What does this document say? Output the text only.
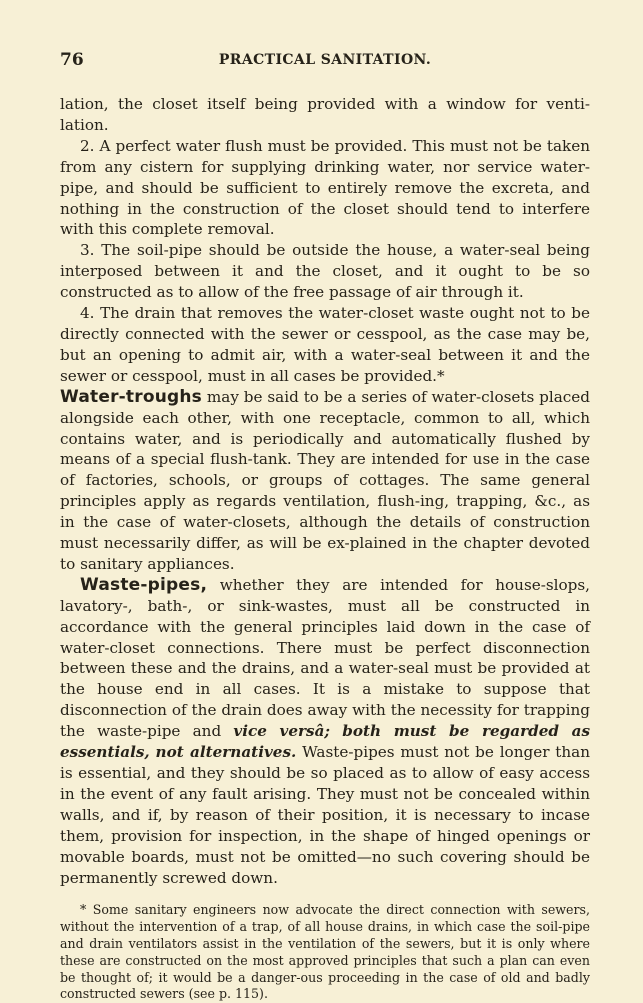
76	PRACTICAL SANITATION.

lation, the closet itself being provided with a window for venti-lation.

2. A perfect water flush must be provided. This must not be taken from any cistern for supplying drinking water, nor service water-pipe, and should be sufficient to entirely remove the excreta, and nothing in the construction of the closet should tend to interfere with this complete removal.

3. The soil-pipe should be outside the house, a water-seal being interposed between it and the closet, and it ought to be so constructed as to allow of the free passage of air through it.

4. The drain that removes the water-closet waste ought not to be directly connected with the sewer or cesspool, as the case may be, but an opening to admit air, with a water-seal between it and the sewer or cesspool, must in all cases be provided.*

Water-troughs may be said to be a series of water-closets placed alongside each other, with one receptacle, common to all, which contains water, and is periodically and automatically flushed by means of a special flush-tank. They are intended for use in the case of factories, schools, or groups of cottages. The same general principles apply as regards ventilation, flush-ing, trapping, &c., as in the case of water-closets, although the details of construction must necessarily differ, as will be ex-plained in the chapter devoted to sanitary appliances.

Waste-pipes, whether they are intended for house-slops, lavatory-, bath-, or sink-wastes, must all be constructed in accordance with the general principles laid down in the case of water-closet connections. There must be perfect disconnection between these and the drains, and a water-seal must be provided at the house end in all cases. It is a mistake to suppose that disconnection of the drain does away with the necessity for trapping the waste-pipe and vice versâ; both must be regarded as essentials, not alternatives. Waste-pipes must not be longer than is essential, and they should be so placed as to allow of easy access in the event of any fault arising. They must not be concealed within walls, and if, by reason of their position, it is necessary to incase them, provision for inspection, in the shape of hinged openings or movable boards, must not be omitted—no such covering should be permanently screwed down.

* Some sanitary engineers now advocate the direct connection with sewers, without the intervention of a trap, of all house drains, in which case the soil-pipe and drain ventilators assist in the ventilation of the sewers, but it is only where these are constructed on the most approved principles that such a plan can even be thought of; it would be a danger-ous proceeding in the case of old and badly constructed sewers (see p. 115).
